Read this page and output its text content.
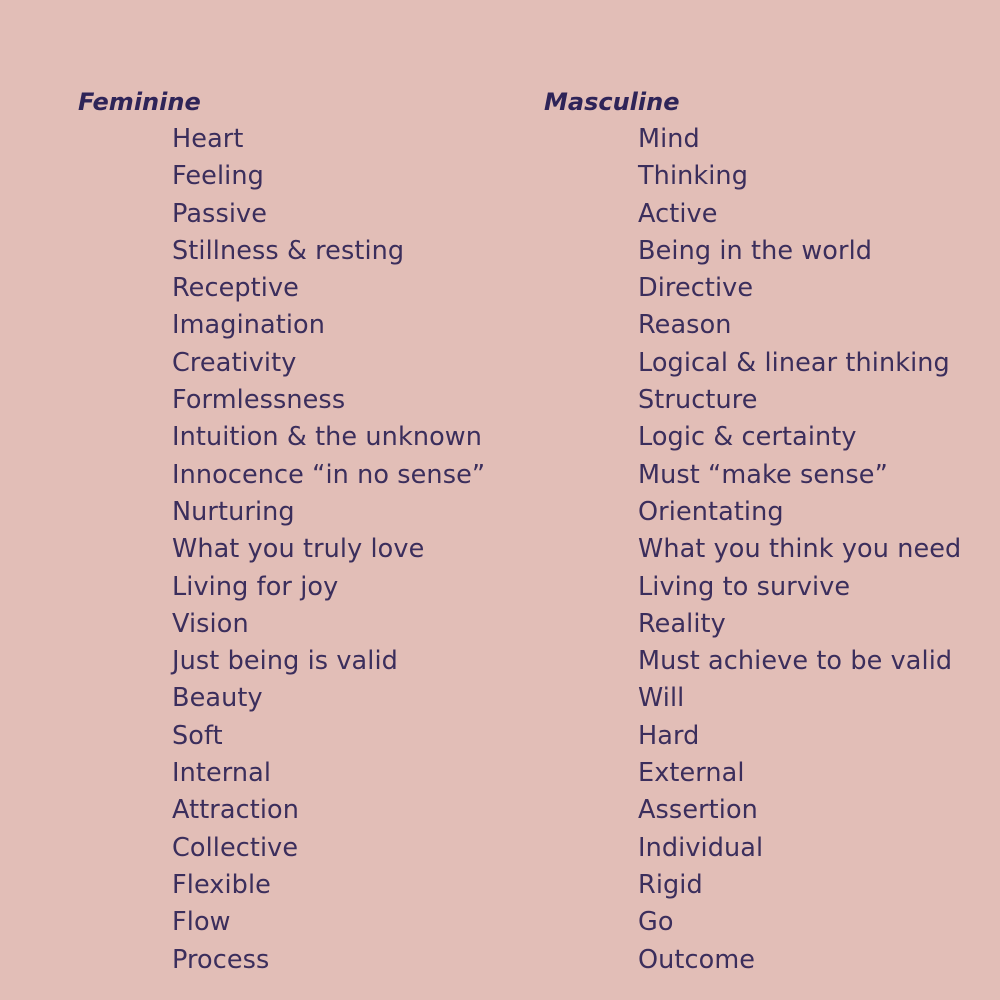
Feminine
Heart
Feeling
Passive
Stillness & resting
Receptive
Imagination
Creativity
Formlessness
Intuition & the unknown
Innocence “in no sense”
Nurturing
What you truly love
Living for joy
Vision
Just being is valid
Beauty
Soft
Internal
Attraction
Collective
Flexible
Flow
Process
Masculine
Mind
Thinking
Active
Being in the world
Directive
Reason
Logical & linear thinking
Structure
Logic & certainty
Must “make sense”
Orientating
What you think you need
Living to survive
Reality
Must achieve to be valid
Will
Hard
External
Assertion
Individual
Rigid
Go
Outcome
